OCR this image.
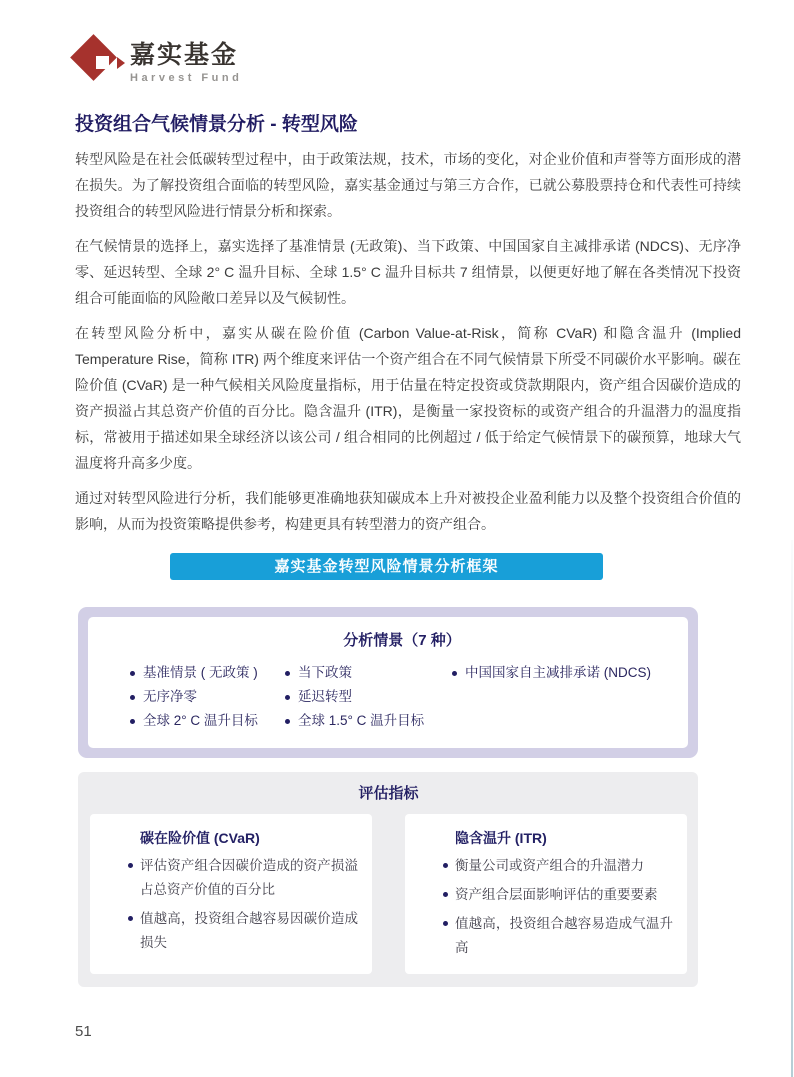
嘉实基金
Harvest Fund
投资组合气候情景分析 - 转型风险

转型风险是在社会低碳转型过程中，由于政策法规，技术，市场的变化，对企业价值和声誉等方面形成的潜在损失。为了解投资组合面临的转型风险，嘉实基金通过与第三方合作，已就公募股票持仓和代表性可持续投资组合的转型风险进行情景分析和探索。

在气候情景的选择上，嘉实选择了基准情景 (无政策)、当下政策、中国国家自主减排承诺 (NDCS)、无序净零、延迟转型、全球 2° C 温升目标、全球 1.5° C 温升目标共 7 组情景，以便更好地了解在各类情况下投资组合可能面临的风险敞口差异以及气候韧性。

在转型风险分析中，嘉实从碳在险价值 (Carbon Value-at-Risk，简称 CVaR) 和隐含温升 (Implied Temperature Rise，简称 ITR) 两个维度来评估一个资产组合在不同气候情景下所受不同碳价水平影响。碳在险价值 (CVaR) 是一种气候相关风险度量指标，用于估量在特定投资或贷款期限内，资产组合因碳价造成的资产损溢占其总资产价值的百分比。隐含温升 (ITR)，是衡量一家投资标的或资产组合的升温潜力的温度指标，常被用于描述如果全球经济以该公司 / 组合相同的比例超过 / 低于给定气候情景下的碳预算，地球大气温度将升高多少度。

通过对转型风险进行分析，我们能够更准确地获知碳成本上升对被投企业盈利能力以及整个投资组合价值的影响，从而为投资策略提供参考，构建更具有转型潜力的资产组合。

嘉实基金转型风险情景分析框架
分析情景（7 种）
基准情景 ( 无政策 )
无序净零
全球 2° C 温升目标
当下政策
延迟转型
全球 1.5° C 温升目标
中国国家自主减排承诺 (NDCS)
评估指标
碳在险价值 (CVaR)
评估资产组合因碳价造成的资产损溢占总资产价值的百分比
值越高，投资组合越容易因碳价造成损失
隐含温升 (ITR)
衡量公司或资产组合的升温潜力
资产组合层面影响评估的重要要素
值越高，投资组合越容易造成气温升高
51
